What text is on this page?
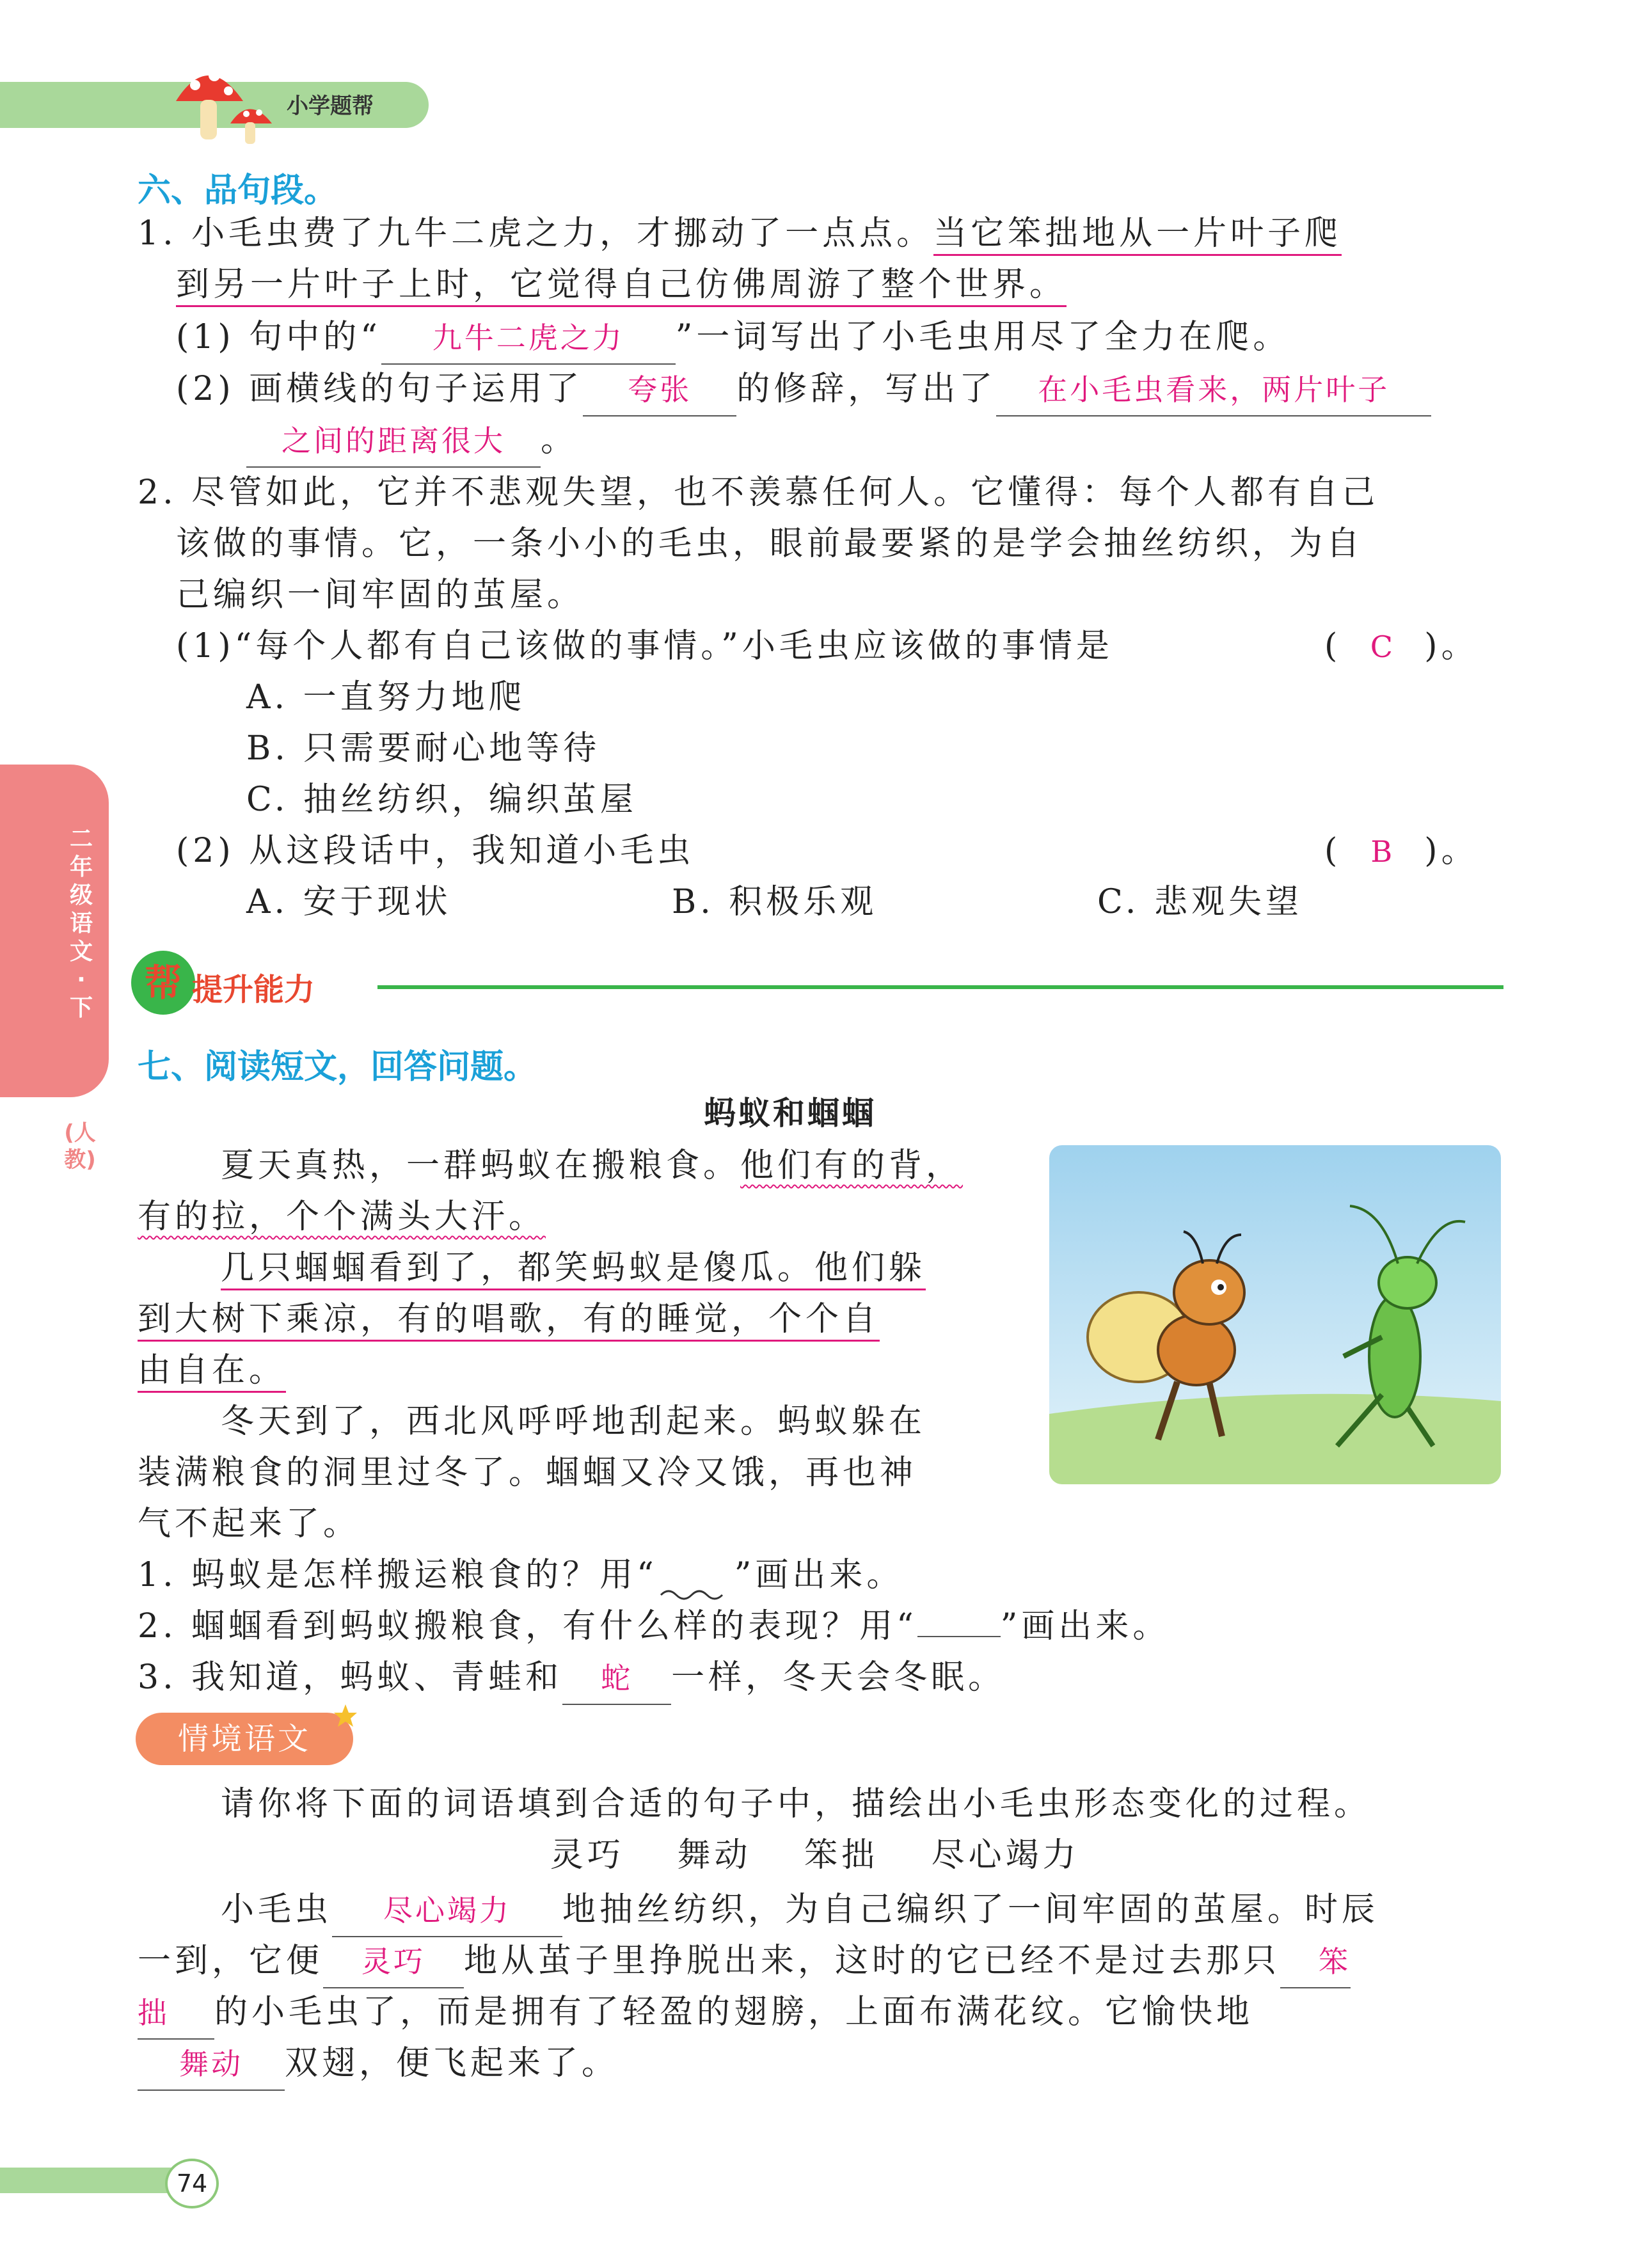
小学题帮
二年级语文·下
(人教)
六、品句段。
1. 小毛虫费了九牛二虎之力，才挪动了一点点。当它笨拙地从一片叶子爬
到另一片叶子上时，它觉得自己仿佛周游了整个世界。
(1) 句中的“ 九牛二虎之力 ”一词写出了小毛虫用尽了全力在爬。
(2) 画横线的句子运用了 夸张 的修辞，写出了 在小毛虫看来，两片叶子
之间的距离很大 。
2. 尽管如此，它并不悲观失望，也不羡慕任何人。它懂得：每个人都有自己
该做的事情。它，一条小小的毛虫，眼前最要紧的是学会抽丝纺织，为自
己编织一间牢固的茧屋。
(1)“每个人都有自己该做的事情。”小毛虫应该做的事情是	( C )。
A. 一直努力地爬
B. 只需要耐心地等待
C. 抽丝纺织，编织茧屋
(2) 从这段话中，我知道小毛虫	( B )。
A. 安于现状	B. 积极乐观	C. 悲观失望
帮 提升能力
七、阅读短文，回答问题。
蚂蚁和蝈蝈
夏天真热，一群蚂蚁在搬粮食。他们有的背，
有的拉，个个满头大汗。
几只蝈蝈看到了，都笑蚂蚁是傻瓜。他们躲
到大树下乘凉，有的唱歌，有的睡觉，个个自
由自在。
冬天到了，西北风呼呼地刮起来。蚂蚁躲在
装满粮食的洞里过冬了。蝈蝈又冷又饿，再也神
气不起来了。
1. 蚂蚁是怎样搬运粮食的？用“ ”画出来。
2. 蝈蝈看到蚂蚁搬粮食，有什么样的表现？用“	”画出来。
3. 我知道，蚂蚁、青蛙和 蛇 一样，冬天会冬眠。
情境语文
请你将下面的词语填到合适的句子中，描绘出小毛虫形态变化的过程。
灵巧 舞动 笨拙 尽心竭力
小毛虫 尽心竭力 地抽丝纺织，为自己编织了一间牢固的茧屋。时辰
一到，它便 灵巧 地从茧子里挣脱出来，这时的它已经不是过去那只 笨
拙 的小毛虫了，而是拥有了轻盈的翅膀，上面布满花纹。它愉快地
舞动 双翅，便飞起来了。
74
